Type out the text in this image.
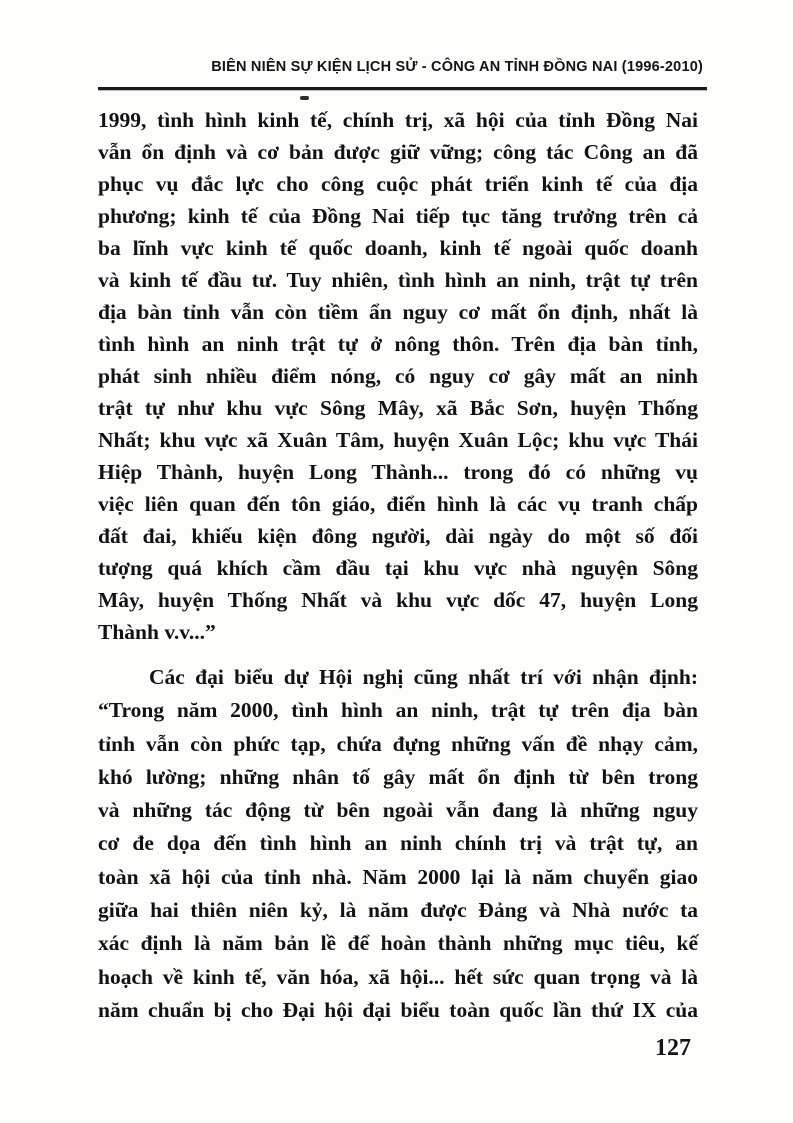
BIÊN NIÊN SỰ KIỆN LỊCH SỬ - CÔNG AN TỈNH ĐỒNG NAI (1996-2010)
1999, tình hình kinh tế, chính trị, xã hội của tỉnh Đồng Nai
vẫn ổn định và cơ bản được giữ vững; công tác Công an đã
phục vụ đắc lực cho công cuộc phát triển kinh tế của địa
phương; kinh tế của Đồng Nai tiếp tục tăng trưởng trên cả
ba lĩnh vực kinh tế quốc doanh, kinh tế ngoài quốc doanh
và kinh tế đầu tư. Tuy nhiên, tình hình an ninh, trật tự trên
địa bàn tỉnh vẫn còn tiềm ẩn nguy cơ mất ổn định, nhất là
tình hình an ninh trật tự ở nông thôn. Trên địa bàn tỉnh,
phát sinh nhiều điểm nóng, có nguy cơ gây mất an ninh
trật tự như khu vực Sông Mây, xã Bắc Sơn, huyện Thống
Nhất; khu vực xã Xuân Tâm, huyện Xuân Lộc; khu vực Thái
Hiệp Thành, huyện Long Thành... trong đó có những vụ
việc liên quan đến tôn giáo, điển hình là các vụ tranh chấp
đất đai, khiếu kiện đông người, dài ngày do một số đối
tượng quá khích cầm đầu tại khu vực nhà nguyện Sông
Mây, huyện Thống Nhất và khu vực dốc 47, huyện Long
Thành v.v...”
Các đại biểu dự Hội nghị cũng nhất trí với nhận định:
“Trong năm 2000, tình hình an ninh, trật tự trên địa bàn
tỉnh vẫn còn phức tạp, chứa đựng những vấn đề nhạy cảm,
khó lường; những nhân tố gây mất ổn định từ bên trong
và những tác động từ bên ngoài vẫn đang là những nguy
cơ đe dọa đến tình hình an ninh chính trị và trật tự, an
toàn xã hội của tỉnh nhà. Năm 2000 lại là năm chuyển giao
giữa hai thiên niên kỷ, là năm được Đảng và Nhà nước ta
xác định là năm bản lề để hoàn thành những mục tiêu, kế
hoạch về kinh tế, văn hóa, xã hội... hết sức quan trọng và là
năm chuẩn bị cho Đại hội đại biểu toàn quốc lần thứ IX của
127
